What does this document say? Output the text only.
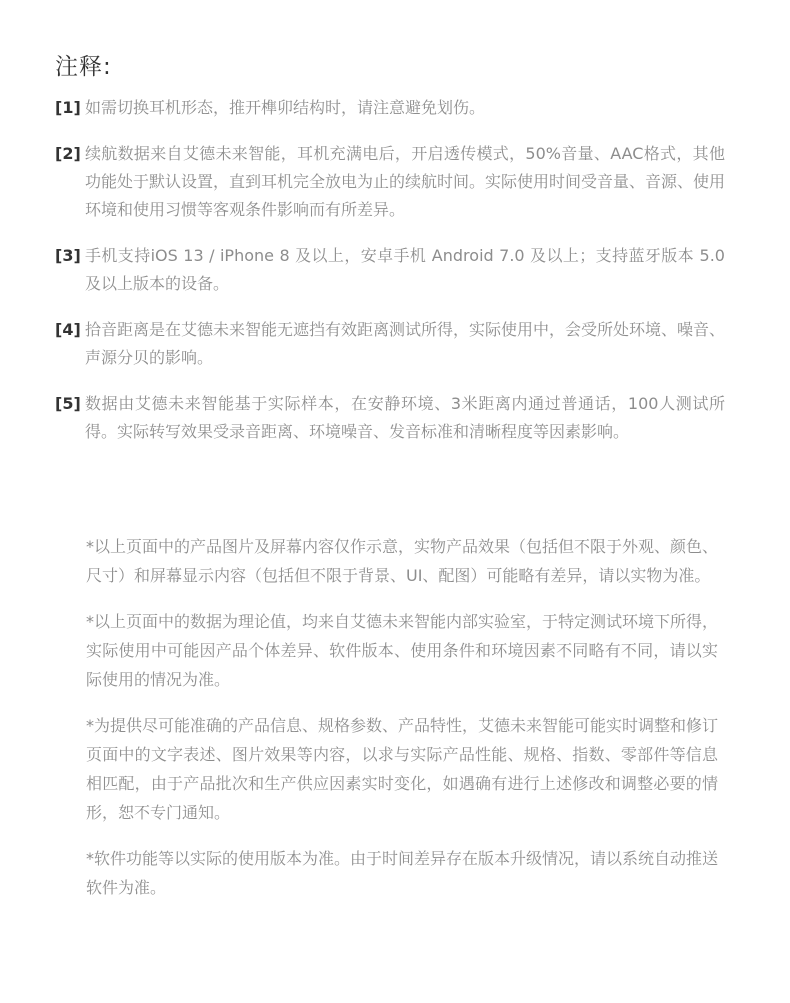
注释:
[1] 如需切换耳机形态，推开榫卯结构时，请注意避免划伤。
[2] 续航数据来自艾德未来智能，耳机充满电后，开启透传模式，50%音量、AAC格式，其他功能处于默认设置，直到耳机完全放电为止的续航时间。实际使用时间受音量、音源、使用环境和使用习惯等客观条件影响而有所差异。
[3] 手机支持iOS 13 / iPhone 8 及以上，安卓手机 Android 7.0 及以上；支持蓝牙版本 5.0 及以上版本的设备。
[4] 拾音距离是在艾德未来智能无遮挡有效距离测试所得，实际使用中，会受所处环境、噪音、声源分贝的影响。
[5] 数据由艾德未来智能基于实际样本，在安静环境、3米距离内通过普通话，100人测试所得。实际转写效果受录音距离、环境噪音、发音标准和清晰程度等因素影响。
*以上页面中的产品图片及屏幕内容仅作示意，实物产品效果（包括但不限于外观、颜色、尺寸）和屏幕显示内容（包括但不限于背景、UI、配图）可能略有差异，请以实物为准。
*以上页面中的数据为理论值，均来自艾德未来智能内部实验室，于特定测试环境下所得，实际使用中可能因产品个体差异、软件版本、使用条件和环境因素不同略有不同，请以实际使用的情况为准。
*为提供尽可能准确的产品信息、规格参数、产品特性，艾德未来智能可能实时调整和修订页面中的文字表述、图片效果等内容，以求与实际产品性能、规格、指数、零部件等信息相匹配，由于产品批次和生产供应因素实时变化，如遇确有进行上述修改和调整必要的情形，恕不专门通知。
*软件功能等以实际的使用版本为准。由于时间差异存在版本升级情况，请以系统自动推送软件为准。
